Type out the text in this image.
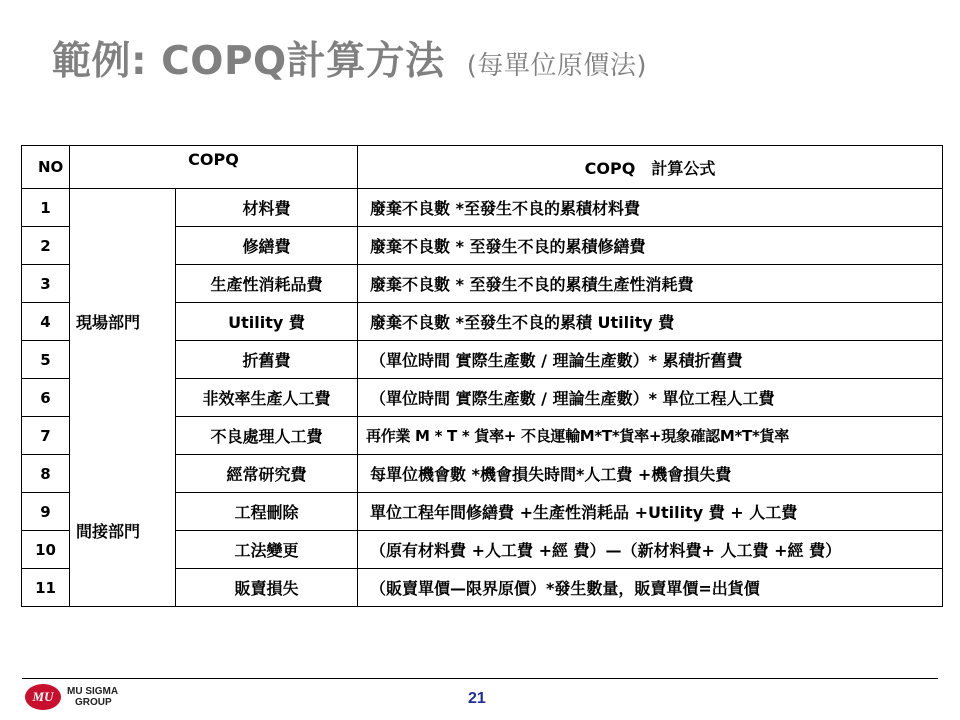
範例: COPQ計算方法 (每單位原價法)
NO	COPQ		COPQ　計算公式
1	現場部門	材料費	廢棄不良數 *至發生不良的累積材料費
2		修繕費	廢棄不良數 * 至發生不良的累積修繕費
3		生產性消耗品費	廢棄不良數 * 至發生不良的累積生產性消耗費
4		Utility 費	廢棄不良數 *至發生不良的累積 Utility 費
5		折舊費	（單位時間 實際生產數 / 理論生產數）* 累積折舊費
6		非效率生產人工費	（單位時間 實際生產數 / 理論生產數）* 單位工程人工費
7		不良處理人工費	再作業 M * T * 貨率+ 不良運輸M*T*貨率+現象確認M*T*貨率
8	間接部門	經常研究費	每單位機會數 *機會損失時間*人工費 +機會損失費
9		工程刪除	單位工程年間修繕費 +生產性消耗品 +Utility 費 + 人工費
10		工法變更	（原有材料費 +人工費 +經 費）—（新材料費+ 人工費 +經 費）
11		販賣損失	（販賣單價—限界原價）*發生數量，販賣單價=出貨價
MU	MU SIGMA
GROUP	21
